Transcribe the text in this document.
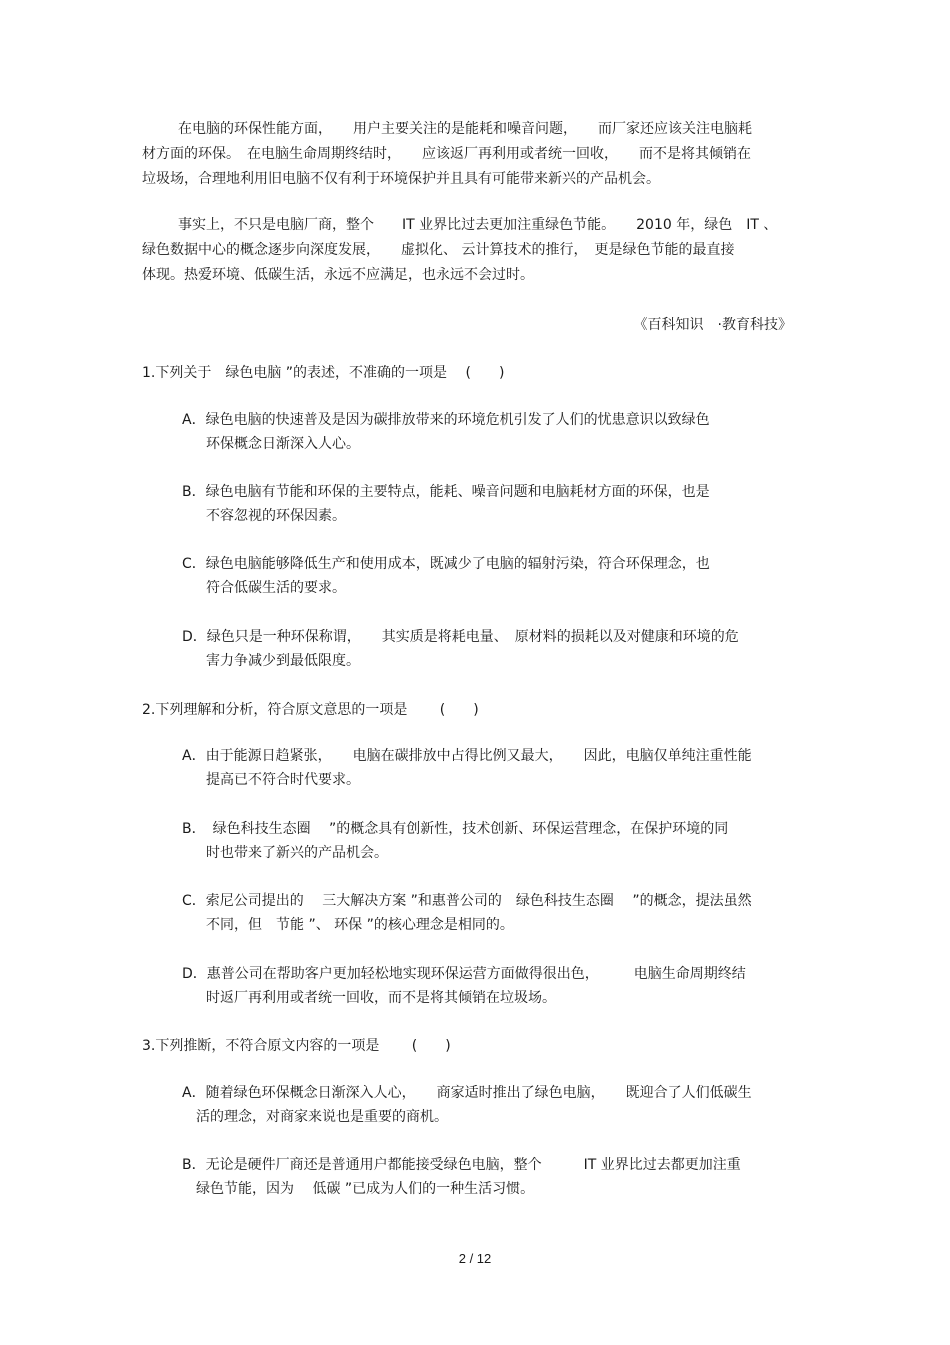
在电脑的环保性能方面，　　用户主要关注的是能耗和噪音问题，　　而厂家还应该关注电脑耗
材方面的环保。　在电脑生命周期终结时，　　应该返厂再利用或者统一回收，　　而不是将其倾销在
垃圾场，合理地利用旧电脑不仅有利于环境保护并且具有可能带来新兴的产品机会。
事实上，不只是电脑厂商，整个　　IT 业界比过去更加注重绿色节能。　　2010 年，绿色　IT 、
绿色数据中心的概念逐步向深度发展，　　虚拟化、 云计算技术的推行，　更是绿色节能的最直接
体现。热爱环境、低碳生活，永远不应满足，也永远不会过时。
《百科知识　·教育科技》
1.下列关于　绿色电脑 ”的表述，不准确的一项是　 (　　)
A．绿色电脑的快速普及是因为碳排放带来的环境危机引发了人们的忧患意识以致绿色
环保概念日渐深入人心。
B．绿色电脑有节能和环保的主要特点，能耗、噪音问题和电脑耗材方面的环保，也是
不容忽视的环保因素。
C．绿色电脑能够降低生产和使用成本，既减少了电脑的辐射污染，符合环保理念，也
符合低碳生活的要求。
D．绿色只是一种环保称谓，　　其实质是将耗电量、　原材料的损耗以及对健康和环境的危
害力争减少到最低限度。
2.下列理解和分析，符合原文意思的一项是　　 (　　)
A．由于能源日趋紧张，　　电脑在碳排放中占得比例又最大，　　因此，电脑仅单纯注重性能
提高已不符合时代要求。
B．　绿色科技生态圈　 ”的概念具有创新性，技术创新、环保运营理念，在保护环境的同
时也带来了新兴的产品机会。
C．索尼公司提出的　 三大解决方案 ”和惠普公司的　绿色科技生态圈　 ”的概念，提法虽然
不同，但　节能 ”、 环保 ”的核心理念是相同的。
D．惠普公司在帮助客户更加轻松地实现环保运营方面做得很出色，　　　电脑生命周期终结
时返厂再利用或者统一回收，而不是将其倾销在垃圾场。
3.下列推断，不符合原文内容的一项是　　 (　　)
A．随着绿色环保概念日渐深入人心，　　商家适时推出了绿色电脑，　　既迎合了人们低碳生
活的理念，对商家来说也是重要的商机。
B．无论是硬件厂商还是普通用户都能接受绿色电脑，整个　　　IT 业界比过去都更加注重
绿色节能，因为　 低碳 ”已成为人们的一种生活习惯。
2 / 12
